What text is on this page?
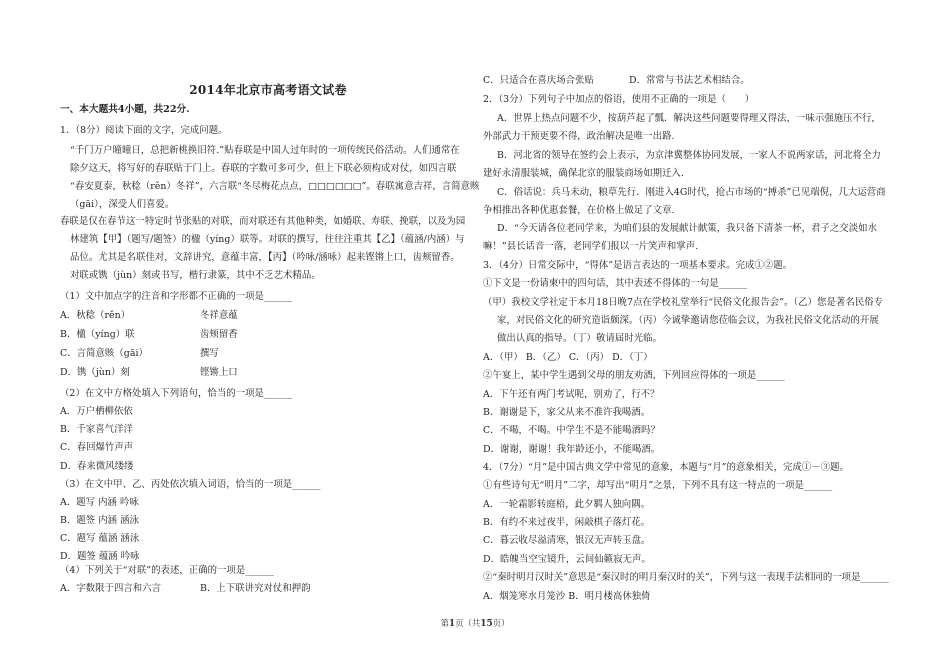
2014年北京市高考语文试卷
一、本大题共4小题，共22分.
1．（8分）阅读下面的文字，完成问题。
“千门万户曈曈日，总把新桃换旧符.”贴春联是中国人过年时的一项传统民俗活动。人们通常在
除夕这天，将写好的春联贴于门上。春联的字数可多可少，但上下联必须构成对仗，如四言联
“春安夏泰，秋稔（rěn）冬祥”，六言联“冬尽梅花点点，□□□□□□”。春联寓意吉祥，言简意赅
（gāi），深受人们喜爱。
春联是仅在春节这一特定时节张贴的对联，而对联还有其他种类，如婚联、寿联、挽联，以及为园
林建筑【甲】（题写/题签）的楹（yíng）联等。对联的撰写，往往注重其【乙】（蕴涵/内涵）与
品位。尤其是名联佳对，文辞讲究，意蕴丰富，【丙】（吟咏/涵咏）起来铿锵上口，齿颊留香。
对联或镌（jùn）刻或书写，楷行隶篆，其中不乏艺术精品。
（1）文中加点字的注音和字形都不正确的一项是______
A．秋稔（rěn）	冬祥意蕴
B．楹（yíng）联	齿颊留香
C．言简意赅（gāi）	撰写
D．镌（jùn）刻	铿锵上口
（2）在文中方格处填入下列语句，恰当的一项是______
A．万户栖柳依依
B．千家喜气洋洋
C．春回爆竹声声
D．春来微风缕缕
（3）在文中甲、乙、丙处依次填入词语，恰当的一项是______
A．题写 内涵 吟咏
B．题签 内涵 涵泳
C．题写 蕴涵 涵泳
D．题签 蕴涵 吟咏
（4）下列关于“对联”的表述，正确的一项是______
A．字数限于四言和六言	B．上下联讲究对仗和押韵
C．只适合在喜庆场合张贴	D．常常与书法艺术相结合。
2．（3分）下列句子中加点的俗语，使用不正确的一项是（　　）
A．世界上热点问题不少，按葫芦起了瓢．解决这些问题要得理又得法，一味示强施压不行，
外部武力干预更要不得，政治解决是唯一出路.
B．河北省的领导在签约会上表示，为京津冀整体协同发展，一家人不说两家话，河北将全力
建好永清服装城，确保北京的服装商场如期迁入.
C．俗话说：兵马未动，粮草先行．刚进入4G时代，抢占市场的“搏杀”已见端倪，几大运营商
争相推出各种优惠套餐，在价格上做足了文章.
D．“今天请各位老同学来，为咱们县的发展献计献策，我只备下清茶一杯，君子之交淡如水
嘛！”县长话音一落，老同学们报以一片笑声和掌声.
3．（4分）日常交际中，“得体”是语言表达的一项基本要求。完成①②题。
①下文是一份请柬中的四句话，其中表述不得体的一句是______
（甲）我校文学社定于本月18日晚7点在学校礼堂举行“民俗文化报告会”。（乙）您是著名民俗专
家，对民俗文化的研究造诣颇深。（丙）今诚挚邀请您莅临会议，为我社民俗文化活动的开展
做出认真的指导。（丁）敬请届时光临。
A．（甲） B．（乙） C．（丙） D．（丁）
②午宴上，某中学生遇到父母的朋友劝酒，下列回应得体的一项是______
A．下午还有两门考试呢，别劝了，行不？
B．谢谢是下，家父从来不准许我喝酒。
C．不喝，不喝。中学生不是不能喝酒吗？
D．谢谢，谢谢！我年龄还小，不能喝酒。
4．（7分）“月”是中国古典文学中常见的意象，本题与“月”的意象相关，完成①－③题。
①有些诗句无“明月”二字，却写出“明月”之景，下列不具有这一特点的一项是______
A．一轮霜影转庭梧，此夕羁人独向隅。
B．有约不来过夜半，闲敲棋子落灯花。
C．暮云收尽溢清寒，银汉无声转玉盘。
D．皓魄当空宝镜升，云间仙籁寂无声。
②“秦时明月汉时关”意思是“秦汉时的明月秦汉时的关”，下列与这一表现手法相同的一项是______
A．烟笼寒水月笼沙 B．明月楼高休独倚
第1页（共15页）
